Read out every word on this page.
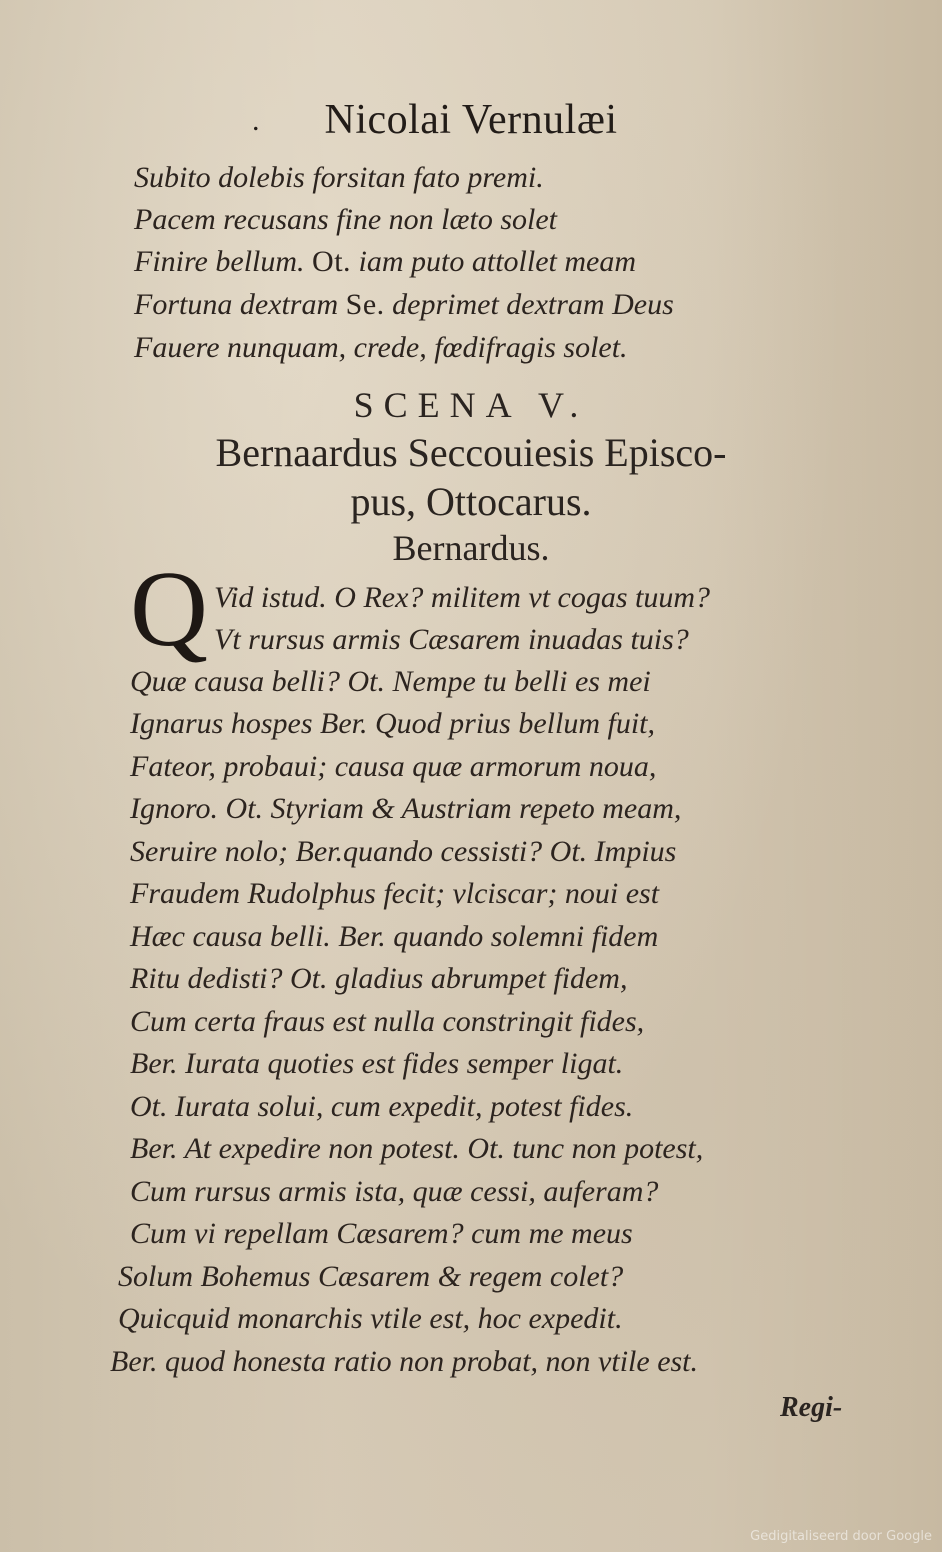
. Nicolai Vernulæi
Subito dolebis forsitan fato premi.
Pacem recusans fine non læto solet
Finire bellum. Ot. iam puto attollet meam
Fortuna dextram Se. deprimet dextram Deus
Fauere nunquam, crede, fœdifragis solet.
SCENA V.
Bernaardus Seccouiesis Episco-
pus, Ottocarus.
Bernardus.
Q Vid istud. O Rex? militem vt cogas tuum?
Vt rursus armis Cæsarem inuadas tuis?
Quæ causa belli? Ot. Nempe tu belli es mei
Ignarus hospes Ber. Quod prius bellum fuit,
Fateor, probaui; causa quæ armorum noua,
Ignoro. Ot. Styriam & Austriam repeto meam,
Seruire nolo; Ber.quando cessisti? Ot. Impius
Fraudem Rudolphus fecit; vlciscar; noui est
Hæc causa belli. Ber. quando solemni fidem
Ritu dedisti? Ot. gladius abrumpet fidem,
Cum certa fraus est nulla constringit fides,
Ber. Iurata quoties est fides semper ligat.
Ot. Iurata solui, cum expedit, potest fides.
Ber. At expedire non potest. Ot. tunc non potest,
Cum rursus armis ista, quæ cessi, auferam?
Cum vi repellam Cæsarem? cum me meus
Solum Bohemus Cæsarem & regem colet?
Quicquid monarchis vtile est, hoc expedit.
Ber. quod honesta ratio non probat, non vtile est.
Regi-
Gedigitaliseerd door Google
